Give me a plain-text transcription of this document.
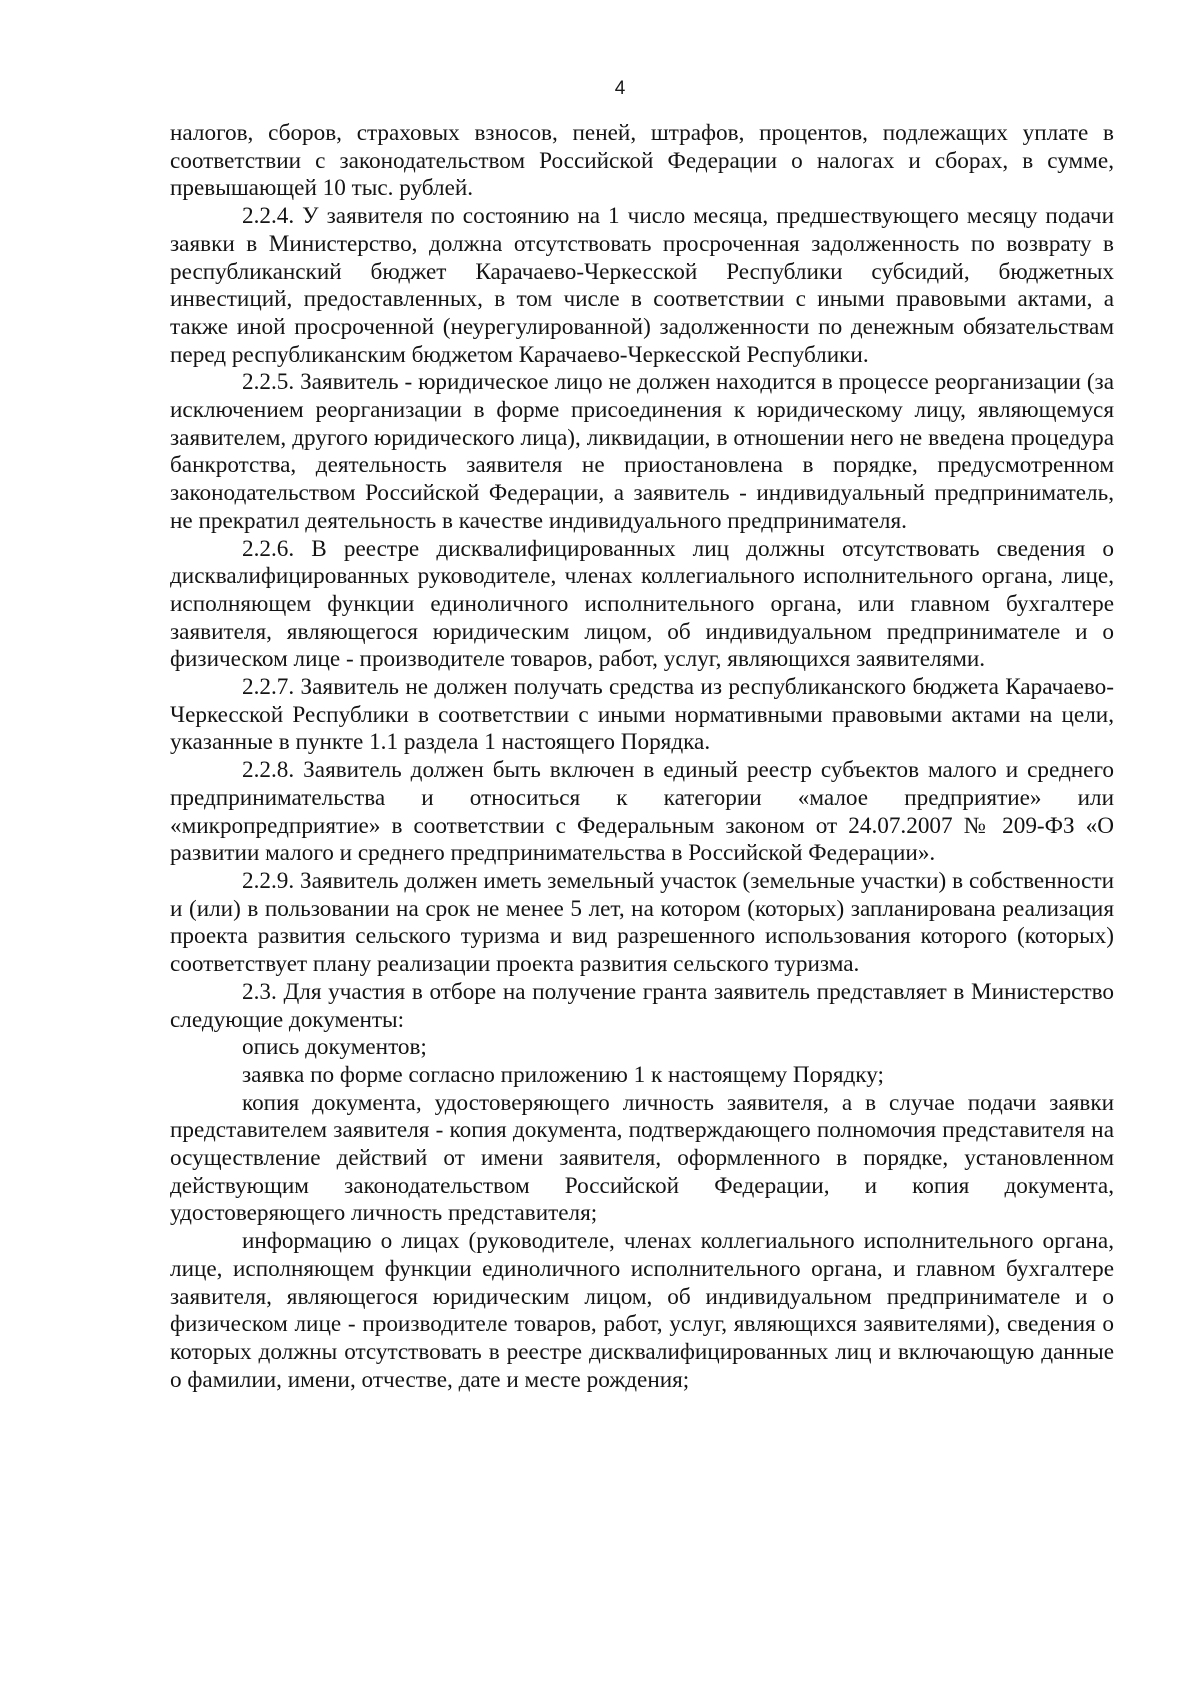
4

налогов, сборов, страховых взносов, пеней, штрафов, процентов, подлежащих уплате в соответствии с законодательством Российской Федерации о налогах и сборах, в сумме, превышающей 10 тыс. рублей.

2.2.4. У заявителя по состоянию на 1 число месяца, предшествующего месяцу подачи заявки в Министерство, должна отсутствовать просроченная задолженность по возврату в республиканский бюджет Карачаево-Черкесской Республики субсидий, бюджетных инвестиций, предоставленных, в том числе в соответствии с иными правовыми актами, а также иной просроченной (неурегулированной) задолженности по денежным обязательствам перед республиканским бюджетом Карачаево-Черкесской Республики.

2.2.5. Заявитель - юридическое лицо не должен находится в процессе реорганизации (за исключением реорганизации в форме присоединения к юридическому лицу, являющемуся заявителем, другого юридического лица), ликвидации, в отношении него не введена процедура банкротства, деятельность заявителя не приостановлена в порядке, предусмотренном законодательством Российской Федерации, а заявитель - индивидуальный предприниматель, не прекратил деятельность в качестве индивидуального предпринимателя.

2.2.6. В реестре дисквалифицированных лиц должны отсутствовать сведения о дисквалифицированных руководителе, членах коллегиального исполнительного органа, лице, исполняющем функции единоличного исполнительного органа, или главном бухгалтере заявителя, являющегося юридическим лицом, об индивидуальном предпринимателе и о физическом лице - производителе товаров, работ, услуг, являющихся заявителями.

2.2.7. Заявитель не должен получать средства из республиканского бюджета Карачаево-Черкесской Республики в соответствии с иными нормативными правовыми актами на цели, указанные в пункте 1.1 раздела 1 настоящего Порядка.

2.2.8. Заявитель должен быть включен в единый реестр субъектов малого и среднего предпринимательства и относиться к категории «малое предприятие» или «микропредприятие» в соответствии с Федеральным законом от 24.07.2007 № 209-ФЗ «О развитии малого и среднего предпринимательства в Российской Федерации».

2.2.9. Заявитель должен иметь земельный участок (земельные участки) в собственности и (или) в пользовании на срок не менее 5 лет, на котором (которых) запланирована реализация проекта развития сельского туризма и вид разрешенного использования которого (которых) соответствует плану реализации проекта развития сельского туризма.

2.3. Для участия в отборе на получение гранта заявитель представляет в Министерство следующие документы:

опись документов;

заявка по форме согласно приложению 1 к настоящему Порядку;

копия документа, удостоверяющего личность заявителя, а в случае подачи заявки представителем заявителя - копия документа, подтверждающего полномочия представителя на осуществление действий от имени заявителя, оформленного в порядке, установленном действующим законодательством Российской Федерации, и копия документа, удостоверяющего личность представителя;

информацию о лицах (руководителе, членах коллегиального исполнительного органа, лице, исполняющем функции единоличного исполнительного органа, и главном бухгалтере заявителя, являющегося юридическим лицом, об индивидуальном предпринимателе и о физическом лице - производителе товаров, работ, услуг, являющихся заявителями), сведения о которых должны отсутствовать в реестре дисквалифицированных лиц и включающую данные о фамилии, имени, отчестве, дате и месте рождения;
